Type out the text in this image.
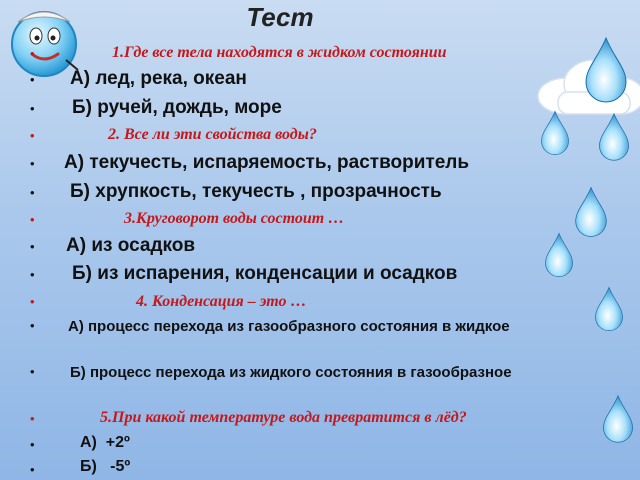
Тест
•	1.Где все тела находятся в жидком состоянии
• А) лед, река, океан
• Б) ручей, дождь, море
•	2. Все ли эти свойства воды?
• А) текучесть, испаряемость, растворитель
• Б) хрупкость, текучесть , прозрачность
•	3.Круговорот воды состоит …
• А) из осадков
• Б) из испарения, конденсации и осадков
•	4. Конденсация – это …
•	А) процесс перехода из газообразного состояния в жидкое
•	Б) процесс перехода из жидкого состояния в газообразное
•	5.При какой температуре вода превратится в лёд?
•	А)  +2º
•	Б)   -5º
